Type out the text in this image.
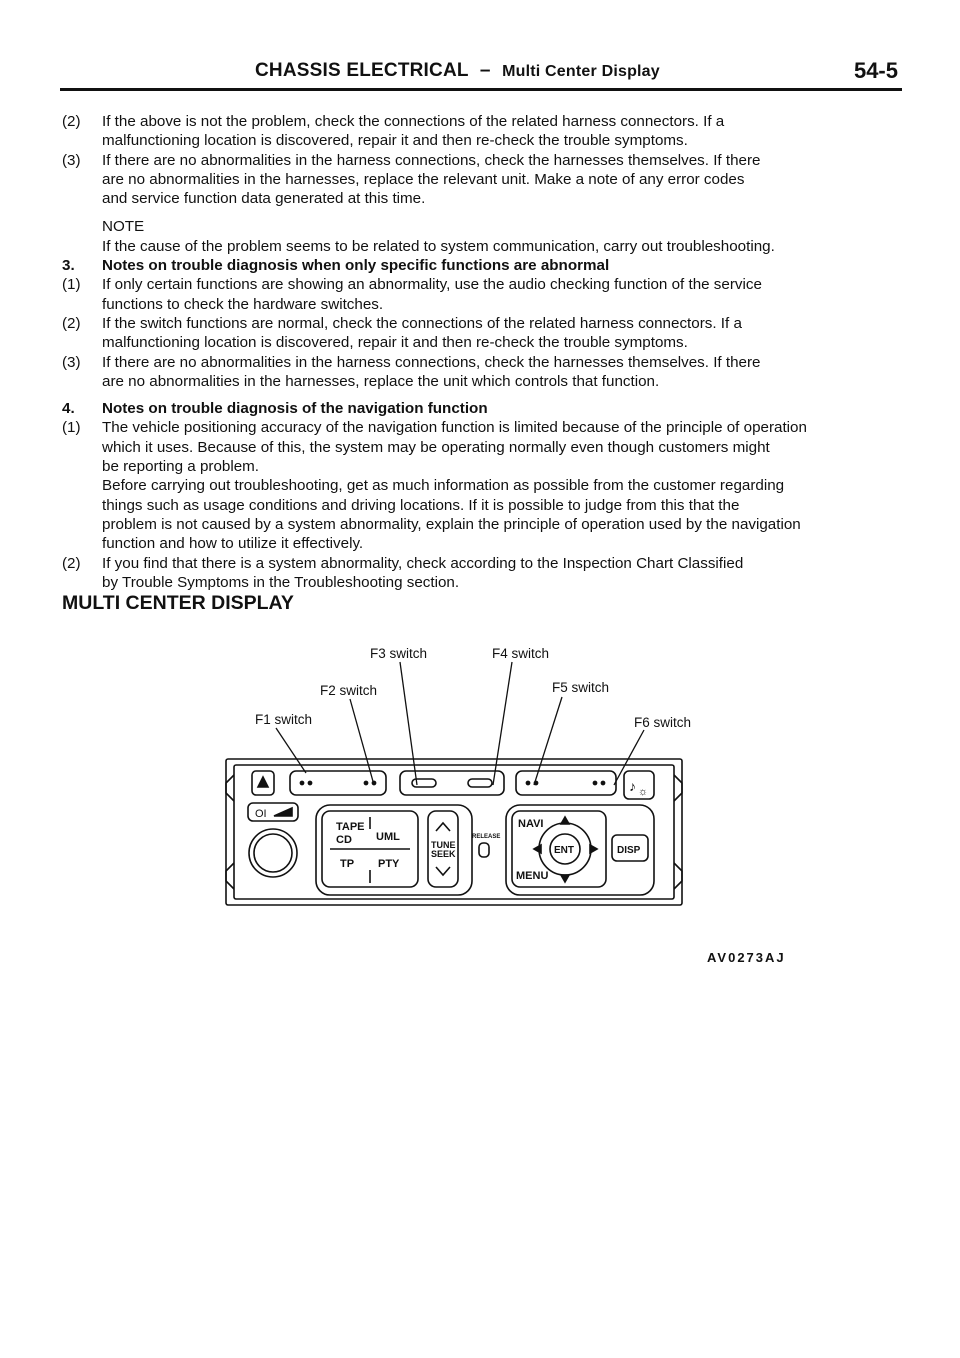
CHASSIS ELECTRICAL – Multi Center Display	54-5
(2)	If the above is not the problem, check the connections of the related harness connectors. If a

malfunctioning location is discovered, repair it and then re-check the trouble symptoms.

(3)	If there are no abnormalities in the harness connections, check the harnesses themselves. If there

are no abnormalities in the harnesses, replace the relevant unit. Make a note of any error codes

and service function data generated at this time.

NOTE

If the cause of the problem seems to be related to system communication, carry out troubleshooting.

3.	Notes on trouble diagnosis when only specific functions are abnormal
(1)	If only certain functions are showing an abnormality, use the audio checking function of the service

functions to check the hardware switches.

(2)	If the switch functions are normal, check the connections of the related harness connectors. If a

malfunctioning location is discovered, repair it and then re-check the trouble symptoms.

(3)	If there are no abnormalities in the harness connections, check the harnesses themselves. If there

are no abnormalities in the harnesses, replace the unit which controls that function.

4.	Notes on trouble diagnosis of the navigation function
(1)	The vehicle positioning accuracy of the navigation function is limited because of the principle of operation

which it uses. Because of this, the system may be operating normally even though customers might

be reporting a problem.

Before carrying out troubleshooting, get as much information as possible from the customer regarding

things such as usage conditions and driving locations. If it is possible to judge from this that the

problem is not caused by a system abnormality, explain the principle of operation used by the navigation

function and how to utilize it effectively.

(2)	If you find that there is a system abnormality, check according to the Inspection Chart Classified

by Trouble Symptoms in the Troubleshooting section.

MULTI CENTER DISPLAY
F3 switch	F4 switch
F2 switch	F5 switch
F1 switch	F6 switch
♪ ☼
OI
TAPE
CD UML
TP PTY
TUNE
SEEK
RELEASE
NAVI
MENU
ENT	DISP
AV0273AJ
